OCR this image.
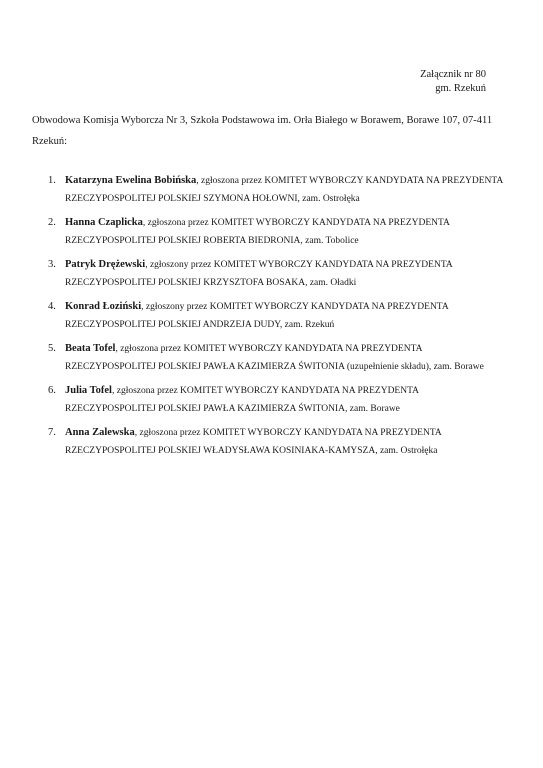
Załącznik nr 80
gm. Rzekuń
Obwodowa Komisja Wyborcza Nr 3, Szkoła Podstawowa im. Orła Białego w Borawem, Borawe 107, 07-411 Rzekuń:
1. Katarzyna Ewelina Bobińska, zgłoszona przez KOMITET WYBORCZY KANDYDATA NA PREZYDENTA RZECZYPOSPOLITEJ POLSKIEJ SZYMONA HOŁOWNI, zam. Ostrołęka
2. Hanna Czaplicka, zgłoszona przez KOMITET WYBORCZY KANDYDATA NA PREZYDENTA RZECZYPOSPOLITEJ POLSKIEJ ROBERTA BIEDRONIA, zam. Tobolice
3. Patryk Drężewski, zgłoszony przez KOMITET WYBORCZY KANDYDATA NA PREZYDENTA RZECZYPOSPOLITEJ POLSKIEJ KRZYSZTOFA BOSAKA, zam. Oładki
4. Konrad Łoziński, zgłoszony przez KOMITET WYBORCZY KANDYDATA NA PREZYDENTA RZECZYPOSPOLITEJ POLSKIEJ ANDRZEJA DUDY, zam. Rzekuń
5. Beata Tofel, zgłoszona przez KOMITET WYBORCZY KANDYDATA NA PREZYDENTA RZECZYPOSPOLITEJ POLSKIEJ PAWŁA KAZIMIERZA ŚWITONIA (uzupełnienie składu), zam. Borawe
6. Julia Tofel, zgłoszona przez KOMITET WYBORCZY KANDYDATA NA PREZYDENTA RZECZYPOSPOLITEJ POLSKIEJ PAWŁA KAZIMIERZA ŚWITONIA, zam. Borawe
7. Anna Zalewska, zgłoszona przez KOMITET WYBORCZY KANDYDATA NA PREZYDENTA RZECZYPOSPOLITEJ POLSKIEJ WŁADYSŁAWA KOSINIAKA-KAMYSZA, zam. Ostrołęka
